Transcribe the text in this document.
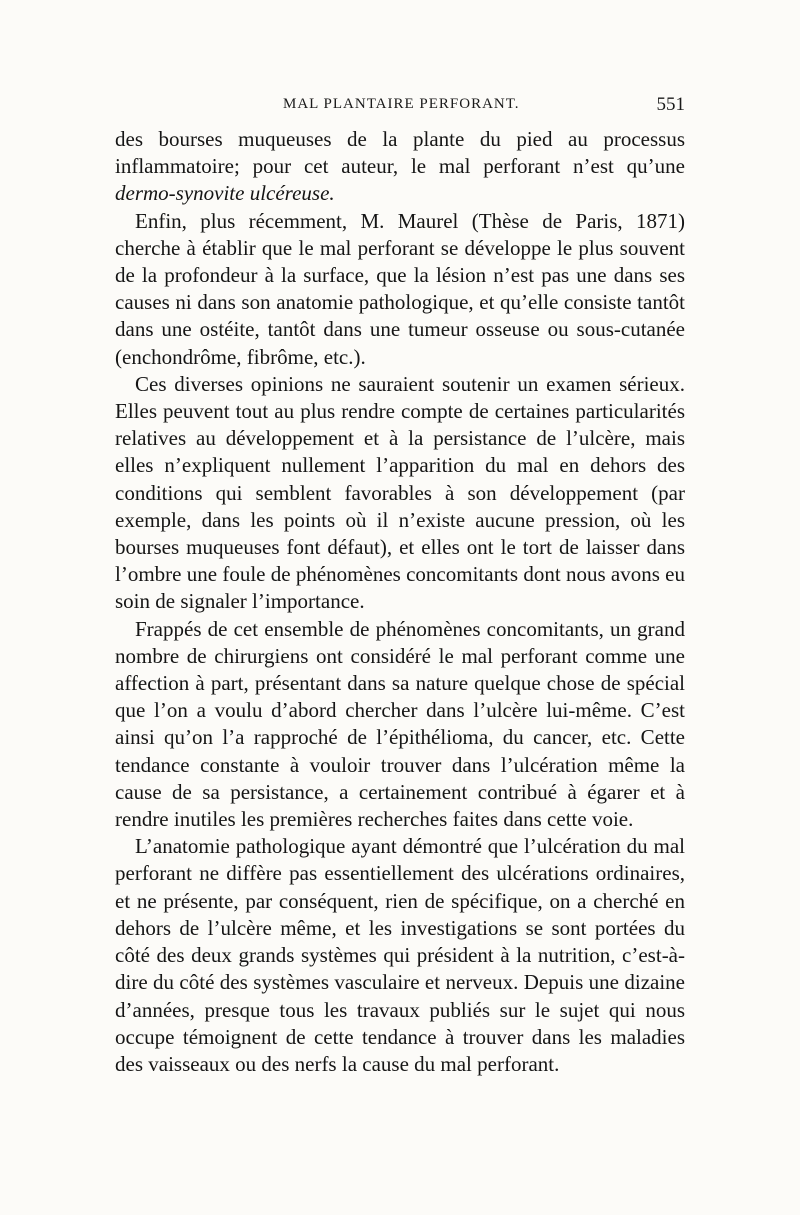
MAL PLANTAIRE PERFORANT.	551

des bourses muqueuses de la plante du pied au processus inflammatoire; pour cet auteur, le mal perforant n’est qu’une dermo-synovite ulcéreuse.

Enfin, plus récemment, M. Maurel (Thèse de Paris, 1871) cherche à établir que le mal perforant se développe le plus souvent de la profondeur à la surface, que la lésion n’est pas une dans ses causes ni dans son anatomie pathologique, et qu’elle consiste tantôt dans une ostéite, tantôt dans une tumeur osseuse ou sous-cutanée (enchondrôme, fibrôme, etc.).

Ces diverses opinions ne sauraient soutenir un examen sérieux. Elles peuvent tout au plus rendre compte de certaines particularités relatives au développement et à la persistance de l’ulcère, mais elles n’expliquent nullement l’apparition du mal en dehors des conditions qui semblent favorables à son développement (par exemple, dans les points où il n’existe aucune pression, où les bourses muqueuses font défaut), et elles ont le tort de laisser dans l’ombre une foule de phénomènes concomitants dont nous avons eu soin de signaler l’importance.

Frappés de cet ensemble de phénomènes concomitants, un grand nombre de chirurgiens ont considéré le mal perforant comme une affection à part, présentant dans sa nature quelque chose de spécial que l’on a voulu d’abord chercher dans l’ulcère lui-même. C’est ainsi qu’on l’a rapproché de l’épithélioma, du cancer, etc. Cette tendance constante à vouloir trouver dans l’ulcération même la cause de sa persistance, a certainement contribué à égarer et à rendre inutiles les premières recherches faites dans cette voie.

L’anatomie pathologique ayant démontré que l’ulcération du mal perforant ne diffère pas essentiellement des ulcérations ordinaires, et ne présente, par conséquent, rien de spécifique, on a cherché en dehors de l’ulcère même, et les investigations se sont portées du côté des deux grands systèmes qui président à la nutrition, c’est-à-dire du côté des systèmes vasculaire et nerveux. Depuis une dizaine d’années, presque tous les travaux publiés sur le sujet qui nous occupe témoignent de cette tendance à trouver dans les maladies des vaisseaux ou des nerfs la cause du mal perforant.
